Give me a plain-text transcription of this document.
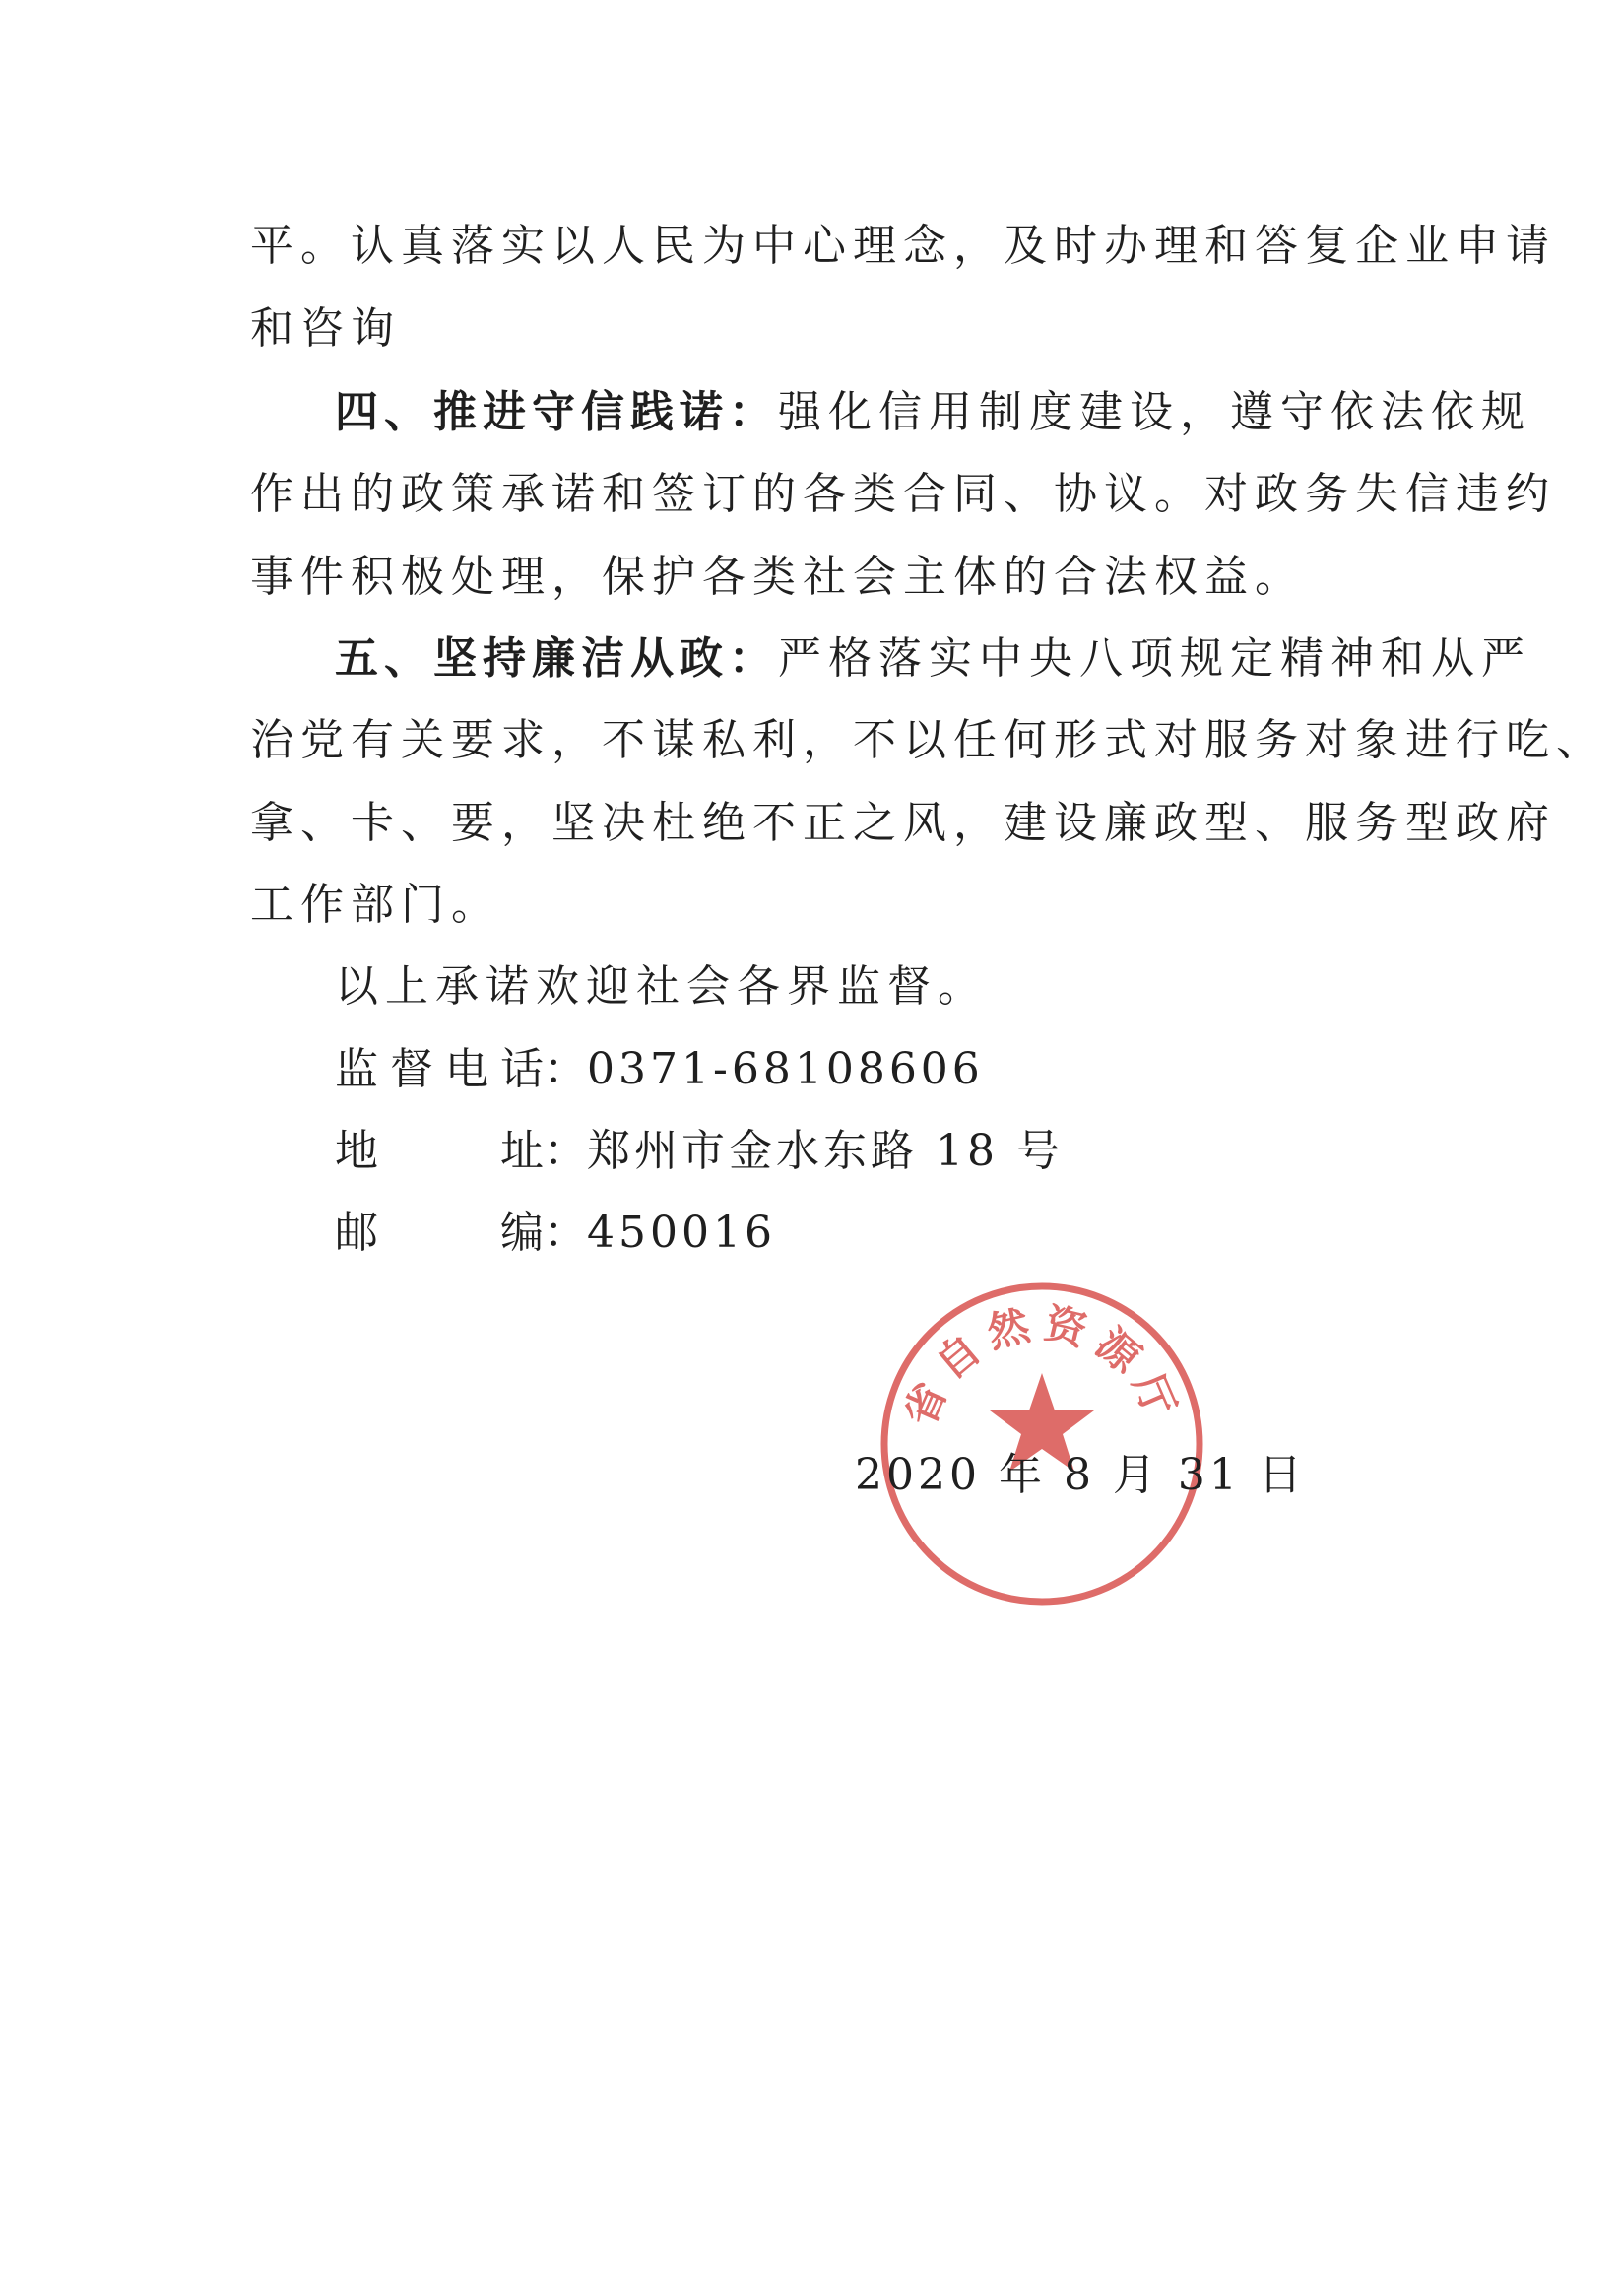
平。认真落实以人民为中心理念，及时办理和答复企业申请
和咨询
四、推进守信践诺： 强化信用制度建设，遵守依法依规
作出的政策承诺和签订的各类合同、协议。对政务失信违约
事件积极处理，保护各类社会主体的合法权益。
五、坚持廉洁从政： 严格落实中央八项规定精神和从严
治党有关要求，不谋私利，不以任何形式对服务对象进行吃、
拿、卡、要，坚决杜绝不正之风，建设廉政型、服务型政府
工作部门。
以上承诺欢迎社会各界监督。
监督电话：0371-68108606
地址：郑州市金水东路 18 号
邮编：450016
省自然资源厅
2020 年 8 月 31 日
